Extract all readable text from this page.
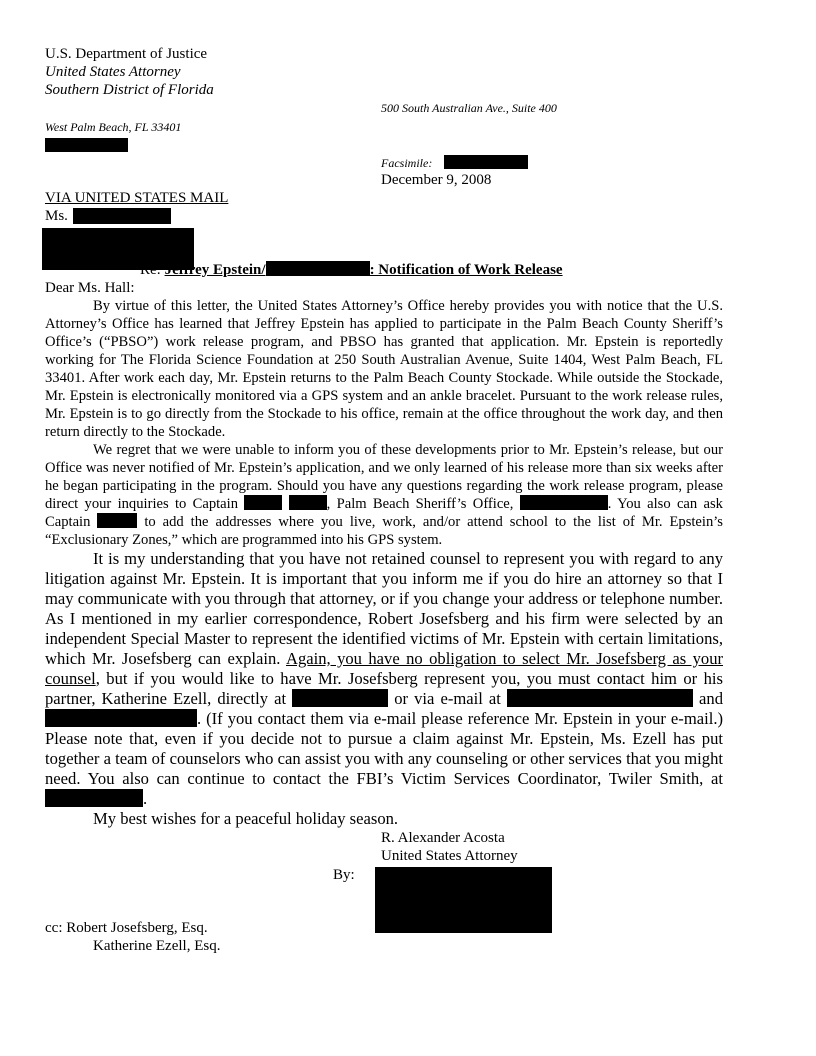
U.S. Department of Justice
United States Attorney
Southern District of Florida
500 South Australian Ave., Suite 400
West Palm Beach, FL 33401
Facsimile:
December 9, 2008
VIA UNITED STATES MAIL
Ms.
Re: Jeffrey Epstein/	: Notification of Work Release
Dear Ms. Hall:
By virtue of this letter, the United States Attorney’s Office hereby provides you with notice that the U.S. Attorney’s Office has learned that Jeffrey Epstein has applied to participate in the Palm Beach County Sheriff’s Office’s (“PBSO”) work release program, and PBSO has granted that application. Mr. Epstein is reportedly working for The Florida Science Foundation at 250 South Australian Avenue, Suite 1404, West Palm Beach, FL 33401. After work each day, Mr. Epstein returns to the Palm Beach County Stockade. While outside the Stockade, Mr. Epstein is electronically monitored via a GPS system and an ankle bracelet. Pursuant to the work release rules, Mr. Epstein is to go directly from the Stockade to his office, remain at the office throughout the work day, and then return directly to the Stockade.
We regret that we were unable to inform you of these developments prior to Mr. Epstein’s release, but our Office was never notified of Mr. Epstein’s application, and we only learned of his release more than six weeks after he began participating in the program. Should you have any questions regarding the work release program, please direct your inquiries to Captain	, Palm Beach Sheriff’s Office,	. You also can ask Captain	to add the addresses where you live, work, and/or attend school to the list of Mr. Epstein’s “Exclusionary Zones,” which are programmed into his GPS system.
It is my understanding that you have not retained counsel to represent you with regard to any litigation against Mr. Epstein. It is important that you inform me if you do hire an attorney so that I may communicate with you through that attorney, or if you change your address or telephone number. As I mentioned in my earlier correspondence, Robert Josefsberg and his firm were selected by an independent Special Master to represent the identified victims of Mr. Epstein with certain limitations, which Mr. Josefsberg can explain. Again, you have no obligation to select Mr. Josefsberg as your counsel, but if you would like to have Mr. Josefsberg represent you, you must contact him or his partner, Katherine Ezell, directly at	or via e-mail at	and . (If you contact them via e-mail please reference Mr. Epstein in your e-mail.) Please note that, even if you decide not to pursue a claim against Mr. Epstein, Ms. Ezell has put together a team of counselors who can assist you with any counseling or other services that you might need. You also can continue to contact the FBI’s Victim Services Coordinator, Twiler Smith, at .
My best wishes for a peaceful holiday season.
R. Alexander Acosta
United States Attorney
By:
cc: Robert Josefsberg, Esq.
Katherine Ezell, Esq.
